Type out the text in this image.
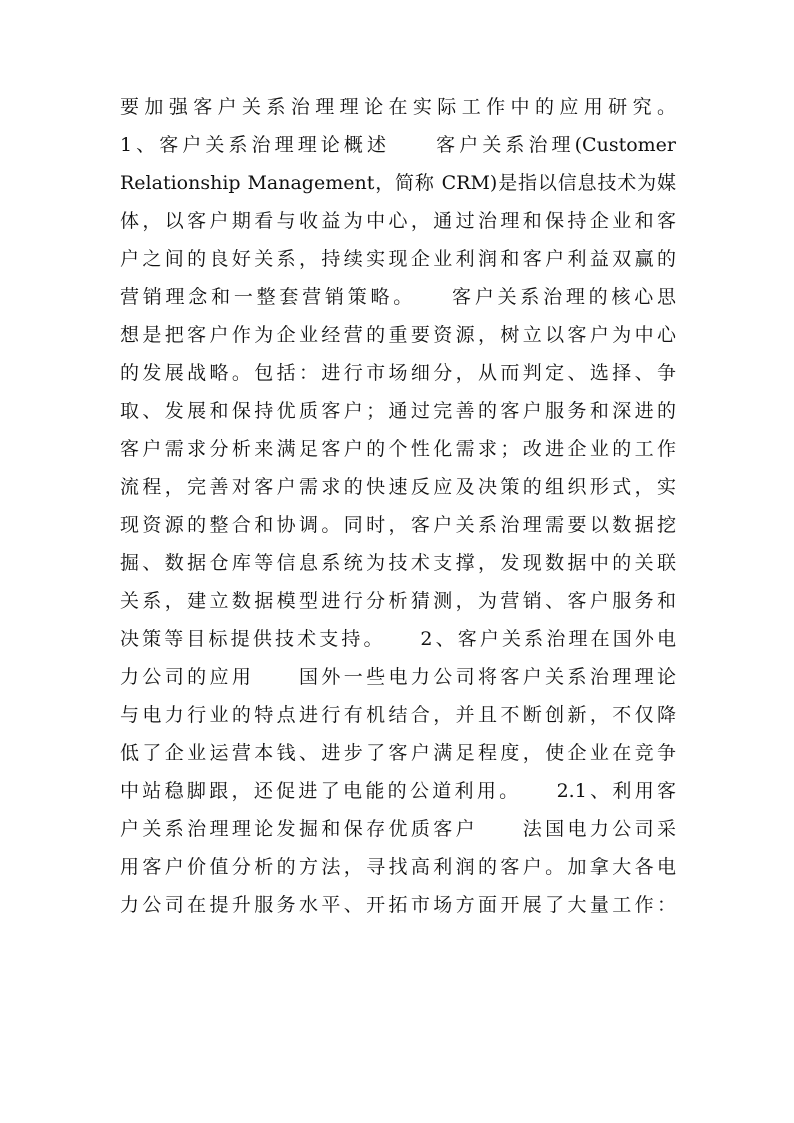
要加强客户关系治理理论在实际工作中的应用研究。
1、客户关系治理理论概述　　客户关系治理(Customer
Relationship Management，简称 CRM)是指以信息技术为媒
体，以客户期看与收益为中心，通过治理和保持企业和客
户之间的良好关系，持续实现企业利润和客户利益双赢的
营销理念和一整套营销策略。　　客户关系治理的核心思
想是把客户作为企业经营的重要资源，树立以客户为中心
的发展战略。包括：进行市场细分，从而判定、选择、争
取、发展和保持优质客户；通过完善的客户服务和深进的
客户需求分析来满足客户的个性化需求；改进企业的工作
流程，完善对客户需求的快速反应及决策的组织形式，实
现资源的整合和协调。同时，客户关系治理需要以数据挖
掘、数据仓库等信息系统为技术支撑，发现数据中的关联
关系，建立数据模型进行分析猜测，为营销、客户服务和
决策等目标提供技术支持。　　2、客户关系治理在国外电
力公司的应用　　国外一些电力公司将客户关系治理理论
与电力行业的特点进行有机结合，并且不断创新，不仅降
低了企业运营本钱、进步了客户满足程度，使企业在竞争
中站稳脚跟，还促进了电能的公道利用。　　2.1、利用客
户关系治理理论发掘和保存优质客户　　法国电力公司采
用客户价值分析的方法，寻找高利润的客户。加拿大各电
力公司在提升服务水平、开拓市场方面开展了大量工作：
